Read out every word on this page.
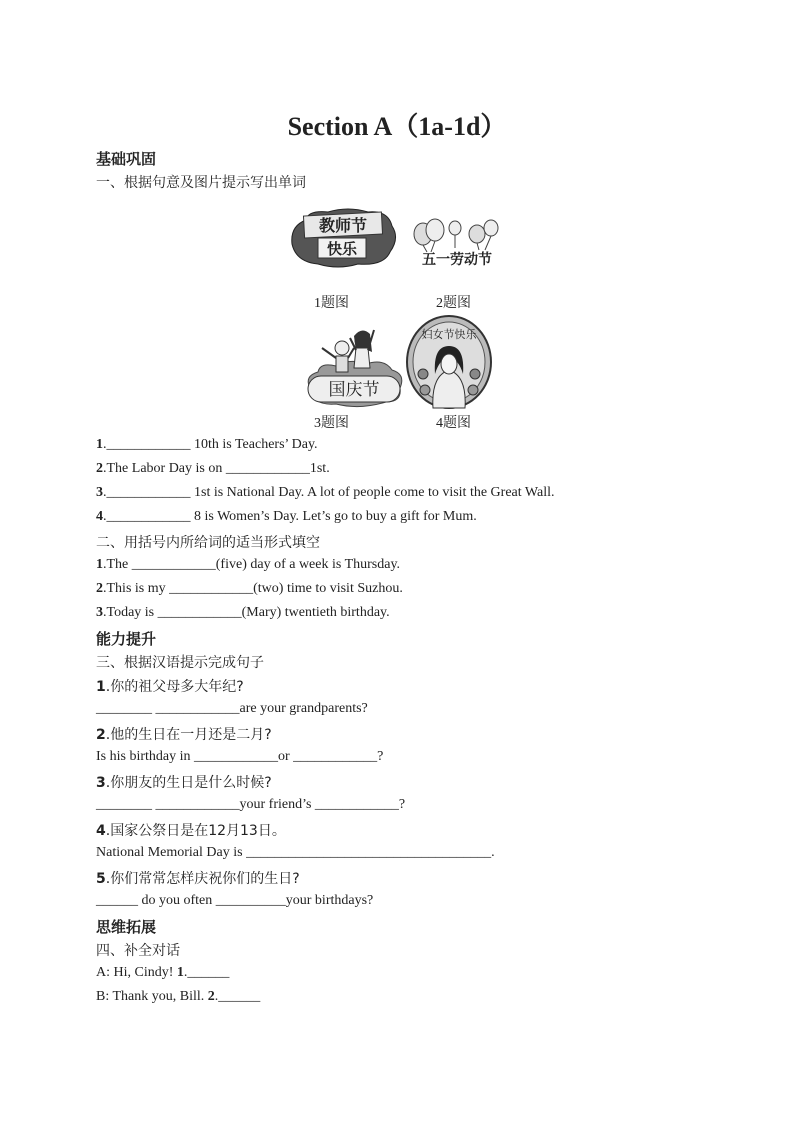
Section A（1a-1d）
基础巩固
一、根据句意及图片提示写出单词
教师节
快乐
五一劳动节
1题图	2题图
国庆节
妇女节快乐
3题图	4题图
1.____________ 10th is Teachers’ Day.
2.The Labor Day is on ____________1st.
3.____________ 1st is National Day. A lot of people come to visit the Great Wall.
4.____________ 8 is Women’s Day. Let’s go to buy a gift for Mum.
二、用括号内所给词的适当形式填空
1.The ____________(five) day of a week is Thursday.
2.This is my ____________(two) time to visit Suzhou.
3.Today is ____________(Mary) twentieth birthday.
能力提升
三、根据汉语提示完成句子
1.你的祖父母多大年纪?
________ ____________are your grandparents?
2.他的生日在一月还是二月?
Is his birthday in ____________or ____________?
3.你朋友的生日是什么时候?
________ ____________your friend’s ____________?
4.国家公祭日是在12月13日。
National Memorial Day is ___________________________________.
5.你们常常怎样庆祝你们的生日?
______ do you often __________your birthdays?
思维拓展
四、补全对话
A: Hi, Cindy! 1.______
B: Thank you, Bill. 2.______
